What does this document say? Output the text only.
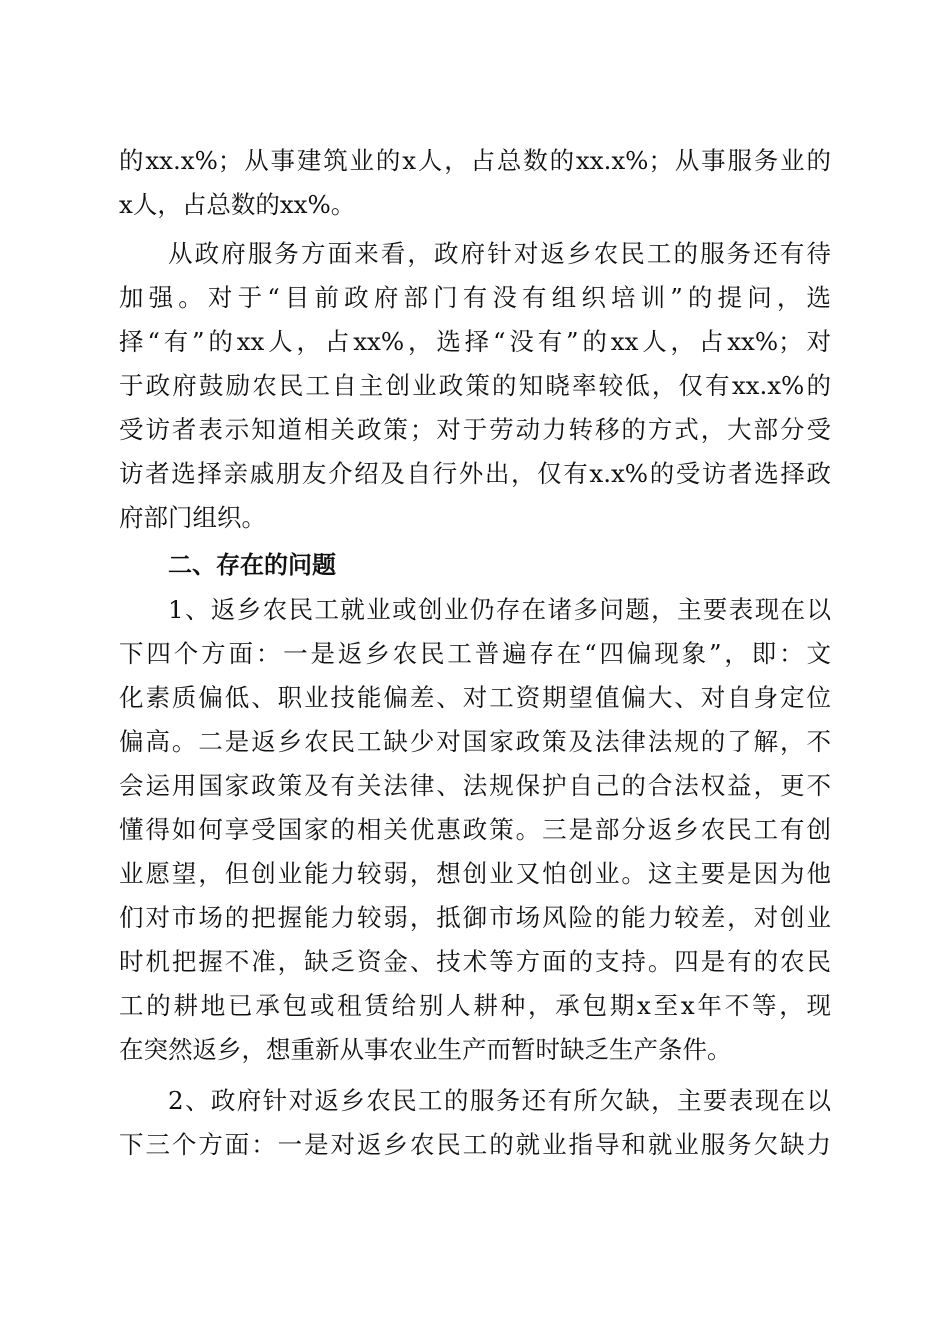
的xx.x%；从事建筑业的x人，占总数的xx.x%；从事服务业的
x人，占总数的xx%。
从政府服务方面来看，政府针对返乡农民工的服务还有待
加强。对于“目前政府部门有没有组织培训”的提问，选
择“有”的xx人，占xx%，选择“没有”的xx人，占xx%；对
于政府鼓励农民工自主创业政策的知晓率较低，仅有xx.x%的
受访者表示知道相关政策；对于劳动力转移的方式，大部分受
访者选择亲戚朋友介绍及自行外出，仅有x.x%的受访者选择政
府部门组织。
二、存在的问题
1、返乡农民工就业或创业仍存在诸多问题，主要表现在以
下四个方面：一是返乡农民工普遍存在“四偏现象”，即：文
化素质偏低、职业技能偏差、对工资期望值偏大、对自身定位
偏高。二是返乡农民工缺少对国家政策及法律法规的了解，不
会运用国家政策及有关法律、法规保护自己的合法权益，更不
懂得如何享受国家的相关优惠政策。三是部分返乡农民工有创
业愿望，但创业能力较弱，想创业又怕创业。这主要是因为他
们对市场的把握能力较弱，抵御市场风险的能力较差，对创业
时机把握不准，缺乏资金、技术等方面的支持。四是有的农民
工的耕地已承包或租赁给别人耕种，承包期x至x年不等，现
在突然返乡，想重新从事农业生产而暂时缺乏生产条件。
2、政府针对返乡农民工的服务还有所欠缺，主要表现在以
下三个方面：一是对返乡农民工的就业指导和就业服务欠缺力
